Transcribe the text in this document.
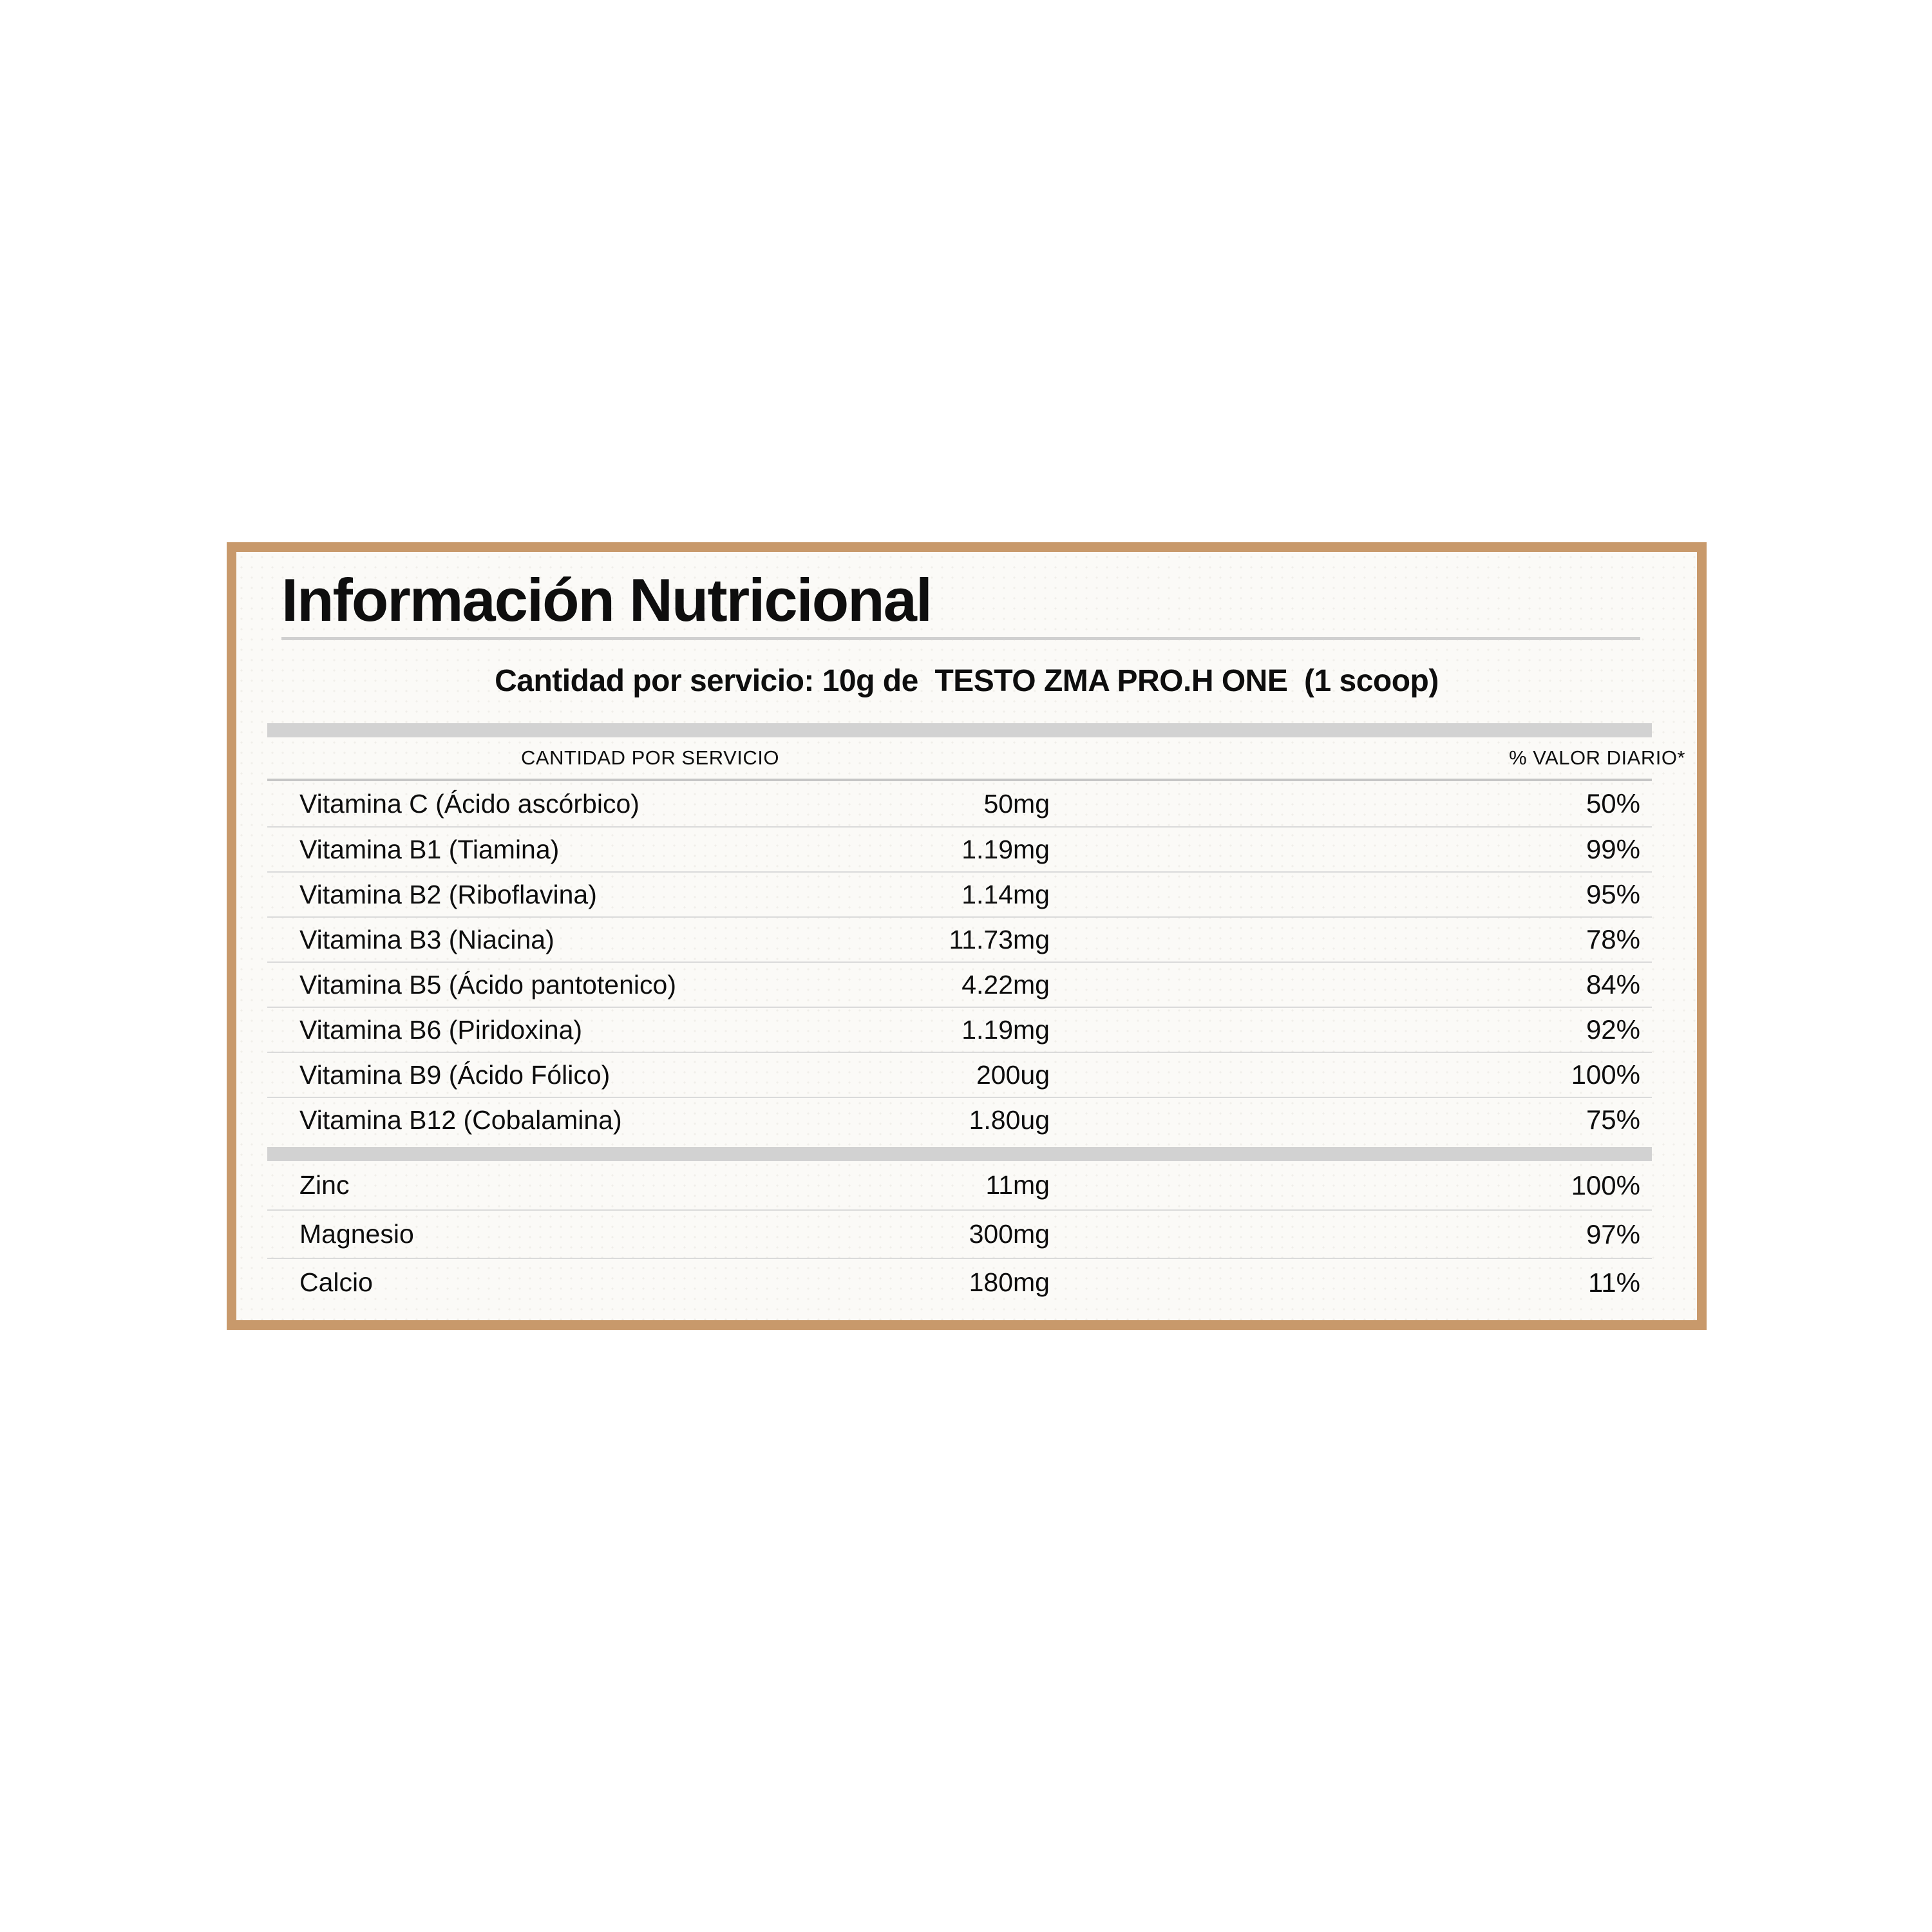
Información Nutricional
Cantidad por servicio: 10g de  TESTO ZMA PRO.H ONE  (1 scoop)
CANTIDAD POR SERVICIO	% VALOR DIARIO*
Vitamina C (Ácido ascórbico)	50mg	50%
Vitamina B1 (Tiamina)	1.19mg	99%
Vitamina B2 (Riboflavina)	1.14mg	95%
Vitamina B3 (Niacina)	11.73mg	78%
Vitamina B5 (Ácido pantotenico)	4.22mg	84%
Vitamina B6 (Piridoxina)	1.19mg	92%
Vitamina B9 (Ácido Fólico)	200ug	100%
Vitamina B12 (Cobalamina)	1.80ug	75%
Zinc	11mg	100%
Magnesio	300mg	97%
Calcio	180mg	11%
